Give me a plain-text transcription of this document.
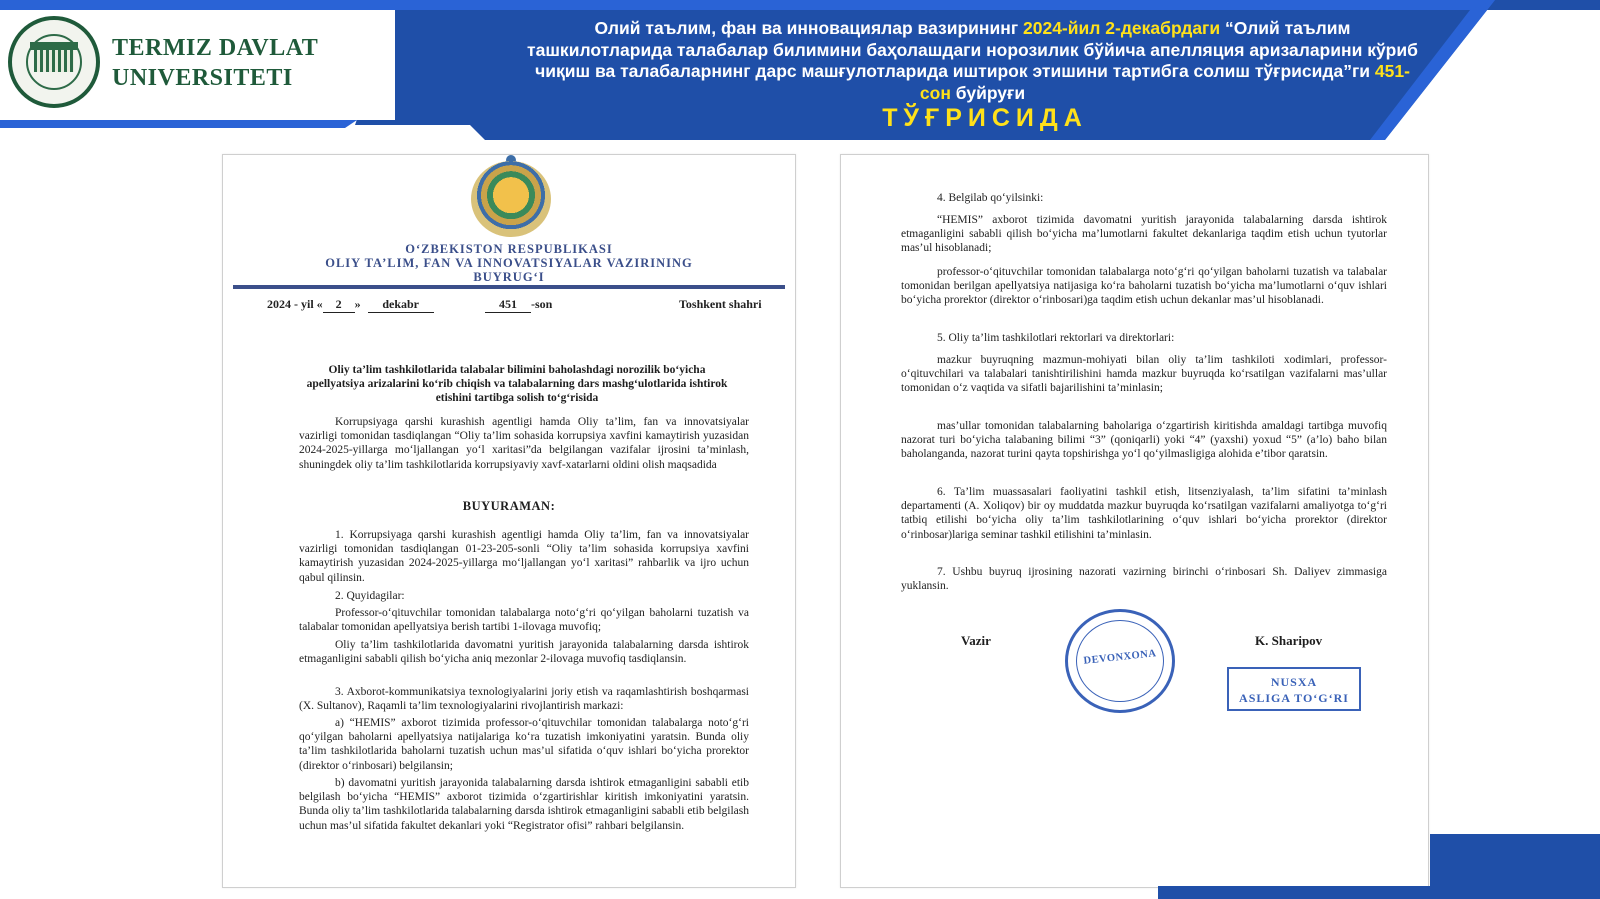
TERMIZ DAVLAT
UNIVERSITETI
Олий таълим, фан ва инновациялар вазирининг 2024-йил 2-декабрдаги “Олий таълим ташкилотларида талабалар билимини баҳолашдаги норозилик бўйича апелляция аризаларини кўриб чиқиш ва талабаларнинг дарс машғулотларида иштирок этишини тартибга солиш тўғрисида”ги 451-сон буйруғи
ТЎҒРИСИДА
O‘ZBEKISTON RESPUBLIKASI
OLIY TA’LIM, FAN VA INNOVATSIYALAR VAZIRINING
BUYRUG‘I
2024 - yil « 2 » dekabr	451 -son	Toshkent shahri
Oliy ta’lim tashkilotlarida talabalar bilimini baholashdagi norozilik bo‘yicha apellyatsiya arizalarini ko‘rib chiqish va talabalarning dars mashg‘ulotlarida ishtirok etishini tartibga solish to‘g‘risida
Korrupsiyaga qarshi kurashish agentligi hamda Oliy ta’lim, fan va innovatsiyalar vazirligi tomonidan tasdiqlangan “Oliy ta’lim sohasida korrupsiya xavfini kamaytirish yuzasidan 2024-2025-yillarga mo‘ljallangan yo‘l xaritasi”da belgilangan vazifalar ijrosini ta’minlash, shuningdek oliy ta’lim tashkilotlarida korrupsiyaviy xavf-xatarlarni oldini olish maqsadida
BUYURAMAN:
1. Korrupsiyaga qarshi kurashish agentligi hamda Oliy ta’lim, fan va innovatsiyalar vazirligi tomonidan tasdiqlangan 01-23-205-sonli “Oliy ta’lim sohasida korrupsiya xavfini kamaytirish yuzasidan 2024-2025-yillarga mo‘ljallangan yo‘l xaritasi” rahbarlik va ijro uchun qabul qilinsin.
2. Quyidagilar:
Professor-o‘qituvchilar tomonidan talabalarga noto‘g‘ri qo‘yilgan baholarni tuzatish va talabalar tomonidan apellyatsiya berish tartibi 1-ilovaga muvofiq;
Oliy ta’lim tashkilotlarida davomatni yuritish jarayonida talabalarning darsda ishtirok etmaganligini sababli qilish bo‘yicha aniq mezonlar 2-ilovaga muvofiq tasdiqlansin.
3. Axborot-kommunikatsiya texnologiyalarini joriy etish va raqamlashtirish boshqarmasi (X. Sultanov), Raqamli ta’lim texnologiyalarini rivojlantirish markazi:
a) “HEMIS” axborot tizimida professor-o‘qituvchilar tomonidan talabalarga noto‘g‘ri qo‘yilgan baholarni apellyatsiya natijalariga ko‘ra tuzatish imkoniyatini yaratsin. Bunda oliy ta’lim tashkilotlarida baholarni tuzatish uchun mas’ul sifatida o‘quv ishlari bo‘yicha prorektor (direktor o‘rinbosari) belgilansin;
b) davomatni yuritish jarayonida talabalarning darsda ishtirok etmaganligini sababli etib belgilash bo‘yicha “HEMIS” axborot tizimida o‘zgartirishlar kiritish imkoniyatini yaratsin. Bunda oliy ta’lim tashkilotlarida talabalarning darsda ishtirok etmaganligini sababli etib belgilash uchun mas’ul sifatida fakultet dekanlari yoki “Registrator ofisi” rahbari belgilansin.
4. Belgilab qo‘yilsinki:
“HEMIS” axborot tizimida davomatni yuritish jarayonida talabalarning darsda ishtirok etmaganligini sababli qilish bo‘yicha ma’lumotlarni fakultet dekanlariga taqdim etish uchun tyutorlar mas’ul hisoblanadi;
professor-o‘qituvchilar tomonidan talabalarga noto‘g‘ri qo‘yilgan baholarni tuzatish va talabalar tomonidan berilgan apellyatsiya natijasiga ko‘ra baholarni tuzatish bo‘yicha ma’lumotlarni o‘quv ishlari bo‘yicha prorektor (direktor o‘rinbosari)ga taqdim etish uchun dekanlar mas’ul hisoblanadi.
5. Oliy ta’lim tashkilotlari rektorlari va direktorlari:
mazkur buyruqning mazmun-mohiyati bilan oliy ta’lim tashkiloti xodimlari, professor-o‘qituvchilari va talabalari tanishtirilishini hamda mazkur buyruqda ko‘rsatilgan vazifalarni mas’ullar tomonidan o‘z vaqtida va sifatli bajarilishini ta’minlasin;
mas’ullar tomonidan talabalarning baholariga o‘zgartirish kiritishda amaldagi tartibga muvofiq nazorat turi bo‘yicha talabaning bilimi “3” (qoniqarli) yoki “4” (yaxshi) yoxud “5” (a’lo) baho bilan baholanganda, nazorat turini qayta topshirishga yo‘l qo‘yilmasligiga alohida e’tibor qaratsin.
6. Ta’lim muassasalari faoliyatini tashkil etish, litsenziyalash, ta’lim sifatini ta’minlash departamenti (A. Xoliqov) bir oy muddatda mazkur buyruqda ko‘rsatilgan vazifalarni amaliyotga to‘g‘ri tatbiq etilishi bo‘yicha oliy ta’lim tashkilotlarining o‘quv ishlari bo‘yicha prorektor (direktor o‘rinbosar)lariga seminar tashkil etilishini ta’minlasin.
7. Ushbu buyruq ijrosining nazorati vazirning birinchi o‘rinbosari Sh. Daliyev zimmasiga yuklansin.
Vazir
DEVONXONA
K. Sharipov
NUSXA
ASLIGA TO‘G‘RI
